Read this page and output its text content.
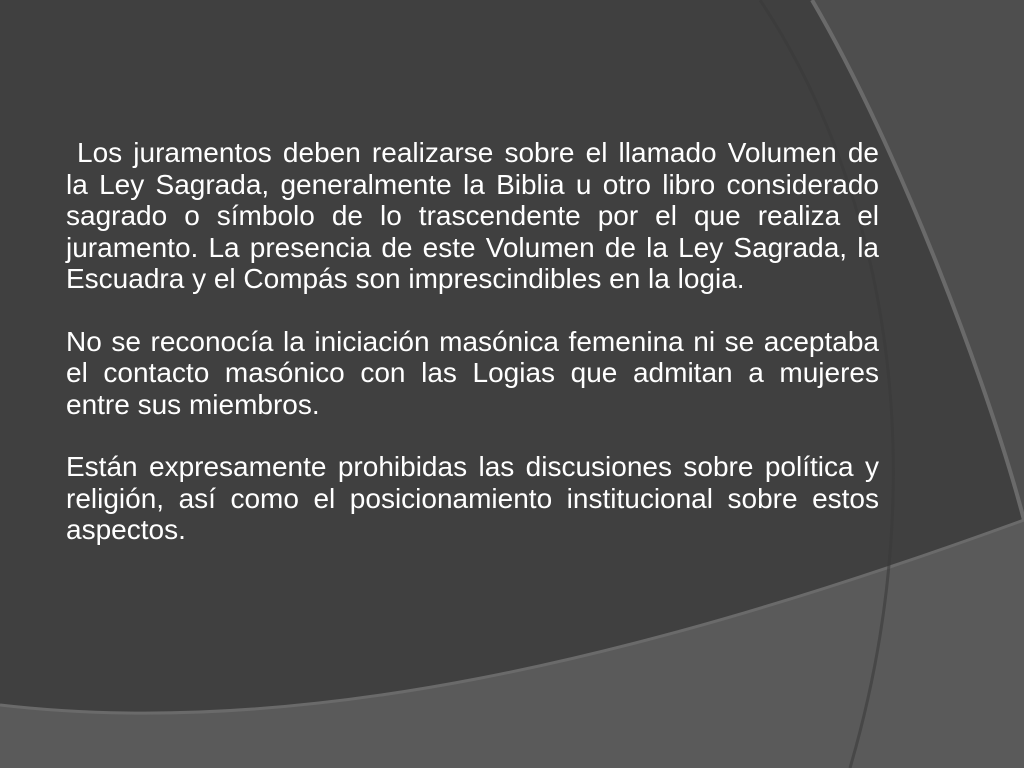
Los juramentos deben realizarse sobre el llamado Volumen de la Ley Sagrada, generalmente la Biblia u otro libro considerado sagrado o símbolo de lo trascendente por el que realiza el juramento. La presencia de este Volumen de la Ley Sagrada, la Escuadra y el Compás son imprescindibles en la logia.

No se reconocía la iniciación masónica femenina ni se aceptaba el contacto masónico con las Logias que admitan a mujeres entre sus miembros.

Están expresamente prohibidas las discusiones sobre política y religión, así como el posicionamiento institucional sobre estos aspectos.
